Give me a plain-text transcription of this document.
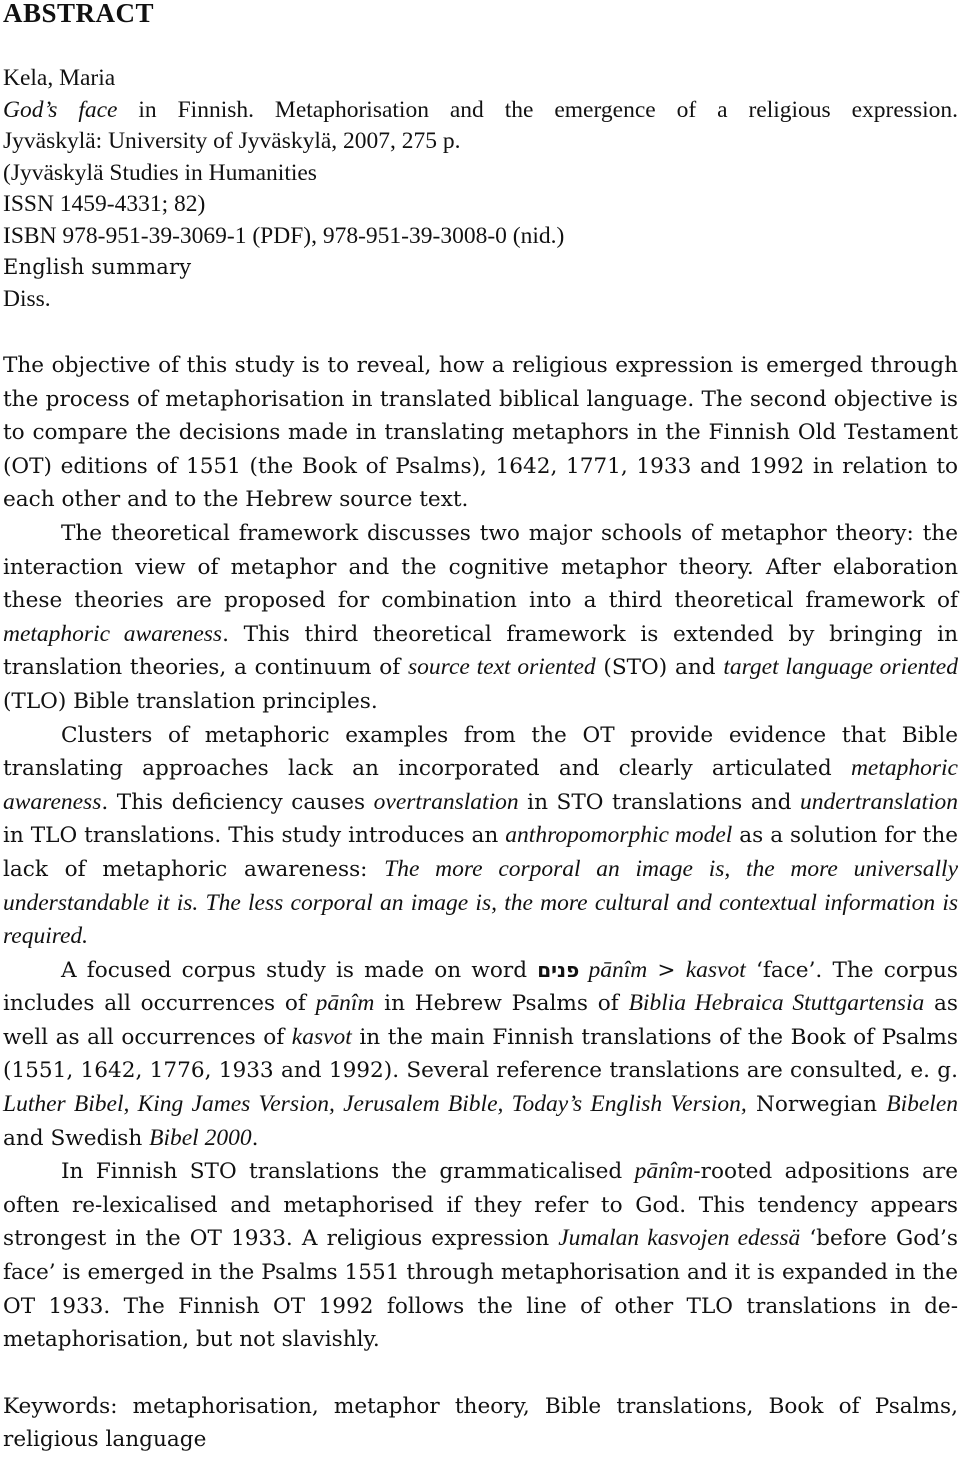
ABSTRACT
Kela, Maria
God’s face in Finnish. Metaphorisation and the emergence of a religious expression.
Jyväskylä: University of Jyväskylä, 2007, 275 p.
(Jyväskylä Studies in Humanities
ISSN 1459-4331; 82)
ISBN 978-951-39-3069-1 (PDF), 978-951-39-3008-0 (nid.)
English summary
Diss.

The objective of this study is to reveal, how a religious expression is emerged through the process of metaphorisation in translated biblical language. The second objective is to compare the decisions made in translating metaphors in the Finnish Old Testament (OT) editions of 1551 (the Book of Psalms), 1642, 1771, 1933 and 1992 in relation to each other and to the Hebrew source text.

The theoretical framework discusses two major schools of metaphor theory: the interaction view of metaphor and the cognitive metaphor theory. After elaboration these theories are proposed for combination into a third theoretical framework of metaphoric awareness. This third theoretical framework is extended by bringing in translation theories, a continuum of source text oriented (STO) and target language oriented (TLO) Bible translation principles.

Clusters of metaphoric examples from the OT provide evidence that Bible translating approaches lack an incorporated and clearly articulated metaphoric awareness. This deficiency causes overtranslation in STO translations and undertranslation in TLO translations. This study introduces an anthropomorphic model as a solution for the lack of metaphoric awareness: The more corporal an image is, the more universally understandable it is. The less corporal an image is, the more cultural and contextual information is required.

A focused corpus study is made on word פנים pānîm > kasvot ‘face’. The corpus includes all occurrences of pānîm in Hebrew Psalms of Biblia Hebraica Stuttgartensia as well as all occurrences of kasvot in the main Finnish translations of the Book of Psalms (1551, 1642, 1776, 1933 and 1992). Several reference translations are consulted, e. g. Luther Bibel, King James Version, Jerusalem Bible, Today’s English Version, Norwegian Bibelen and Swedish Bibel 2000.

In Finnish STO translations the grammaticalised pānîm-rooted adpositions are often re-lexicalised and metaphorised if they refer to God. This tendency appears strongest in the OT 1933. A religious expression Jumalan kasvojen edessä ‘before God’s face’ is emerged in the Psalms 1551 through metaphorisation and it is expanded in the OT 1933. The Finnish OT 1992 follows the line of other TLO translations in de-metaphorisation, but not slavishly.

Keywords: metaphorisation, metaphor theory, Bible translations, Book of Psalms, religious language
